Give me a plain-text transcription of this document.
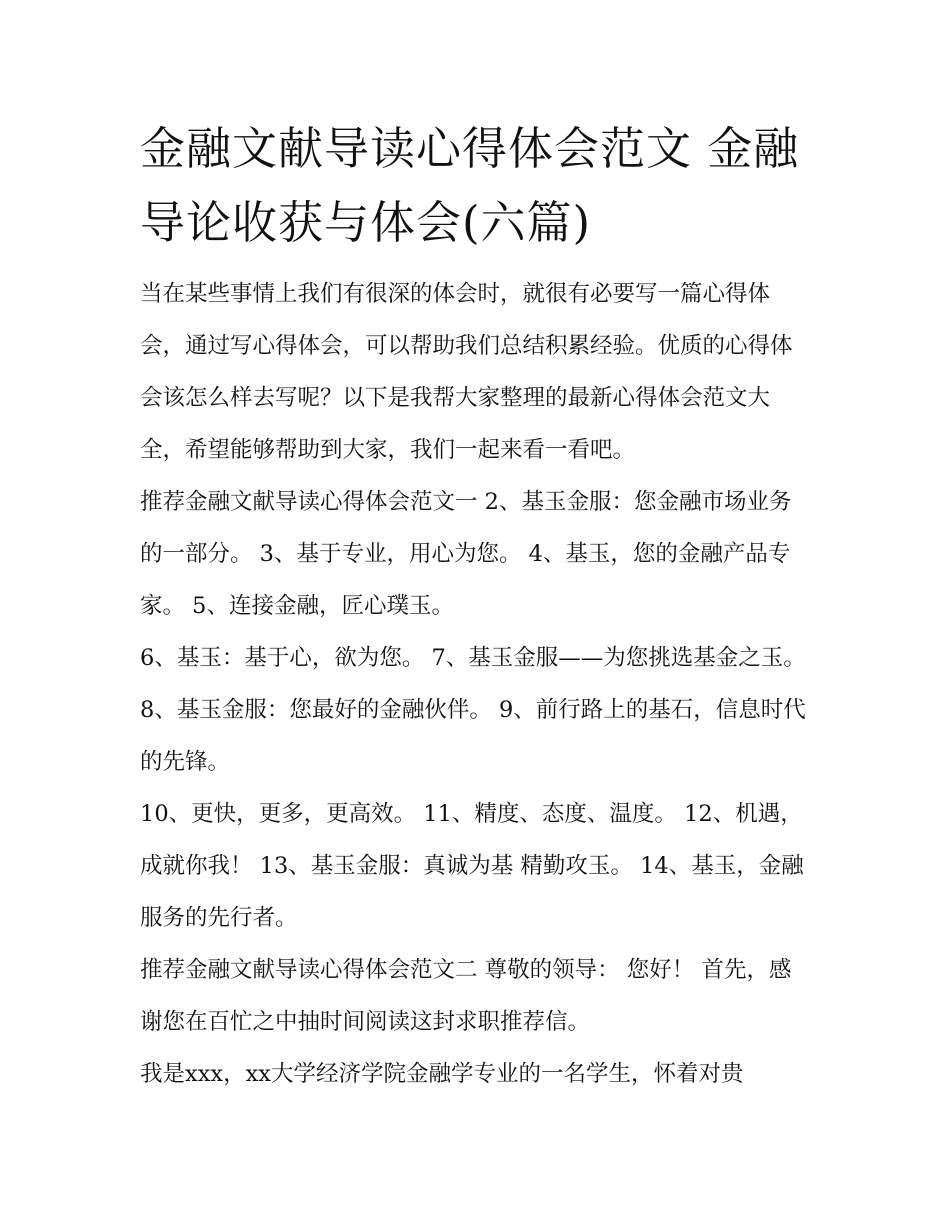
金融文献导读心得体会范文 金融导论收获与体会(六篇)

当在某些事情上我们有很深的体会时，就很有必要写一篇心得体会，通过写心得体会，可以帮助我们总结积累经验。优质的心得体会该怎么样去写呢？以下是我帮大家整理的最新心得体会范文大全，希望能够帮助到大家，我们一起来看一看吧。

推荐金融文献导读心得体会范文一 2、基玉金服：您金融市场业务的一部分。 3、基于专业，用心为您。 4、基玉，您的金融产品专家。 5、连接金融，匠心璞玉。

6、基玉：基于心，欲为您。 7、基玉金服——为您挑选基金之玉。 8、基玉金服：您最好的金融伙伴。 9、前行路上的基石，信息时代的先锋。

10、更快，更多，更高效。 11、精度、态度、温度。 12、机遇，成就你我！ 13、基玉金服：真诚为基 精勤攻玉。 14、基玉，金融服务的先行者。

推荐金融文献导读心得体会范文二 尊敬的领导： 您好！ 首先，感谢您在百忙之中抽时间阅读这封求职推荐信。

我是xxx，xx大学经济学院金融学专业的一名学生，怀着对贵
